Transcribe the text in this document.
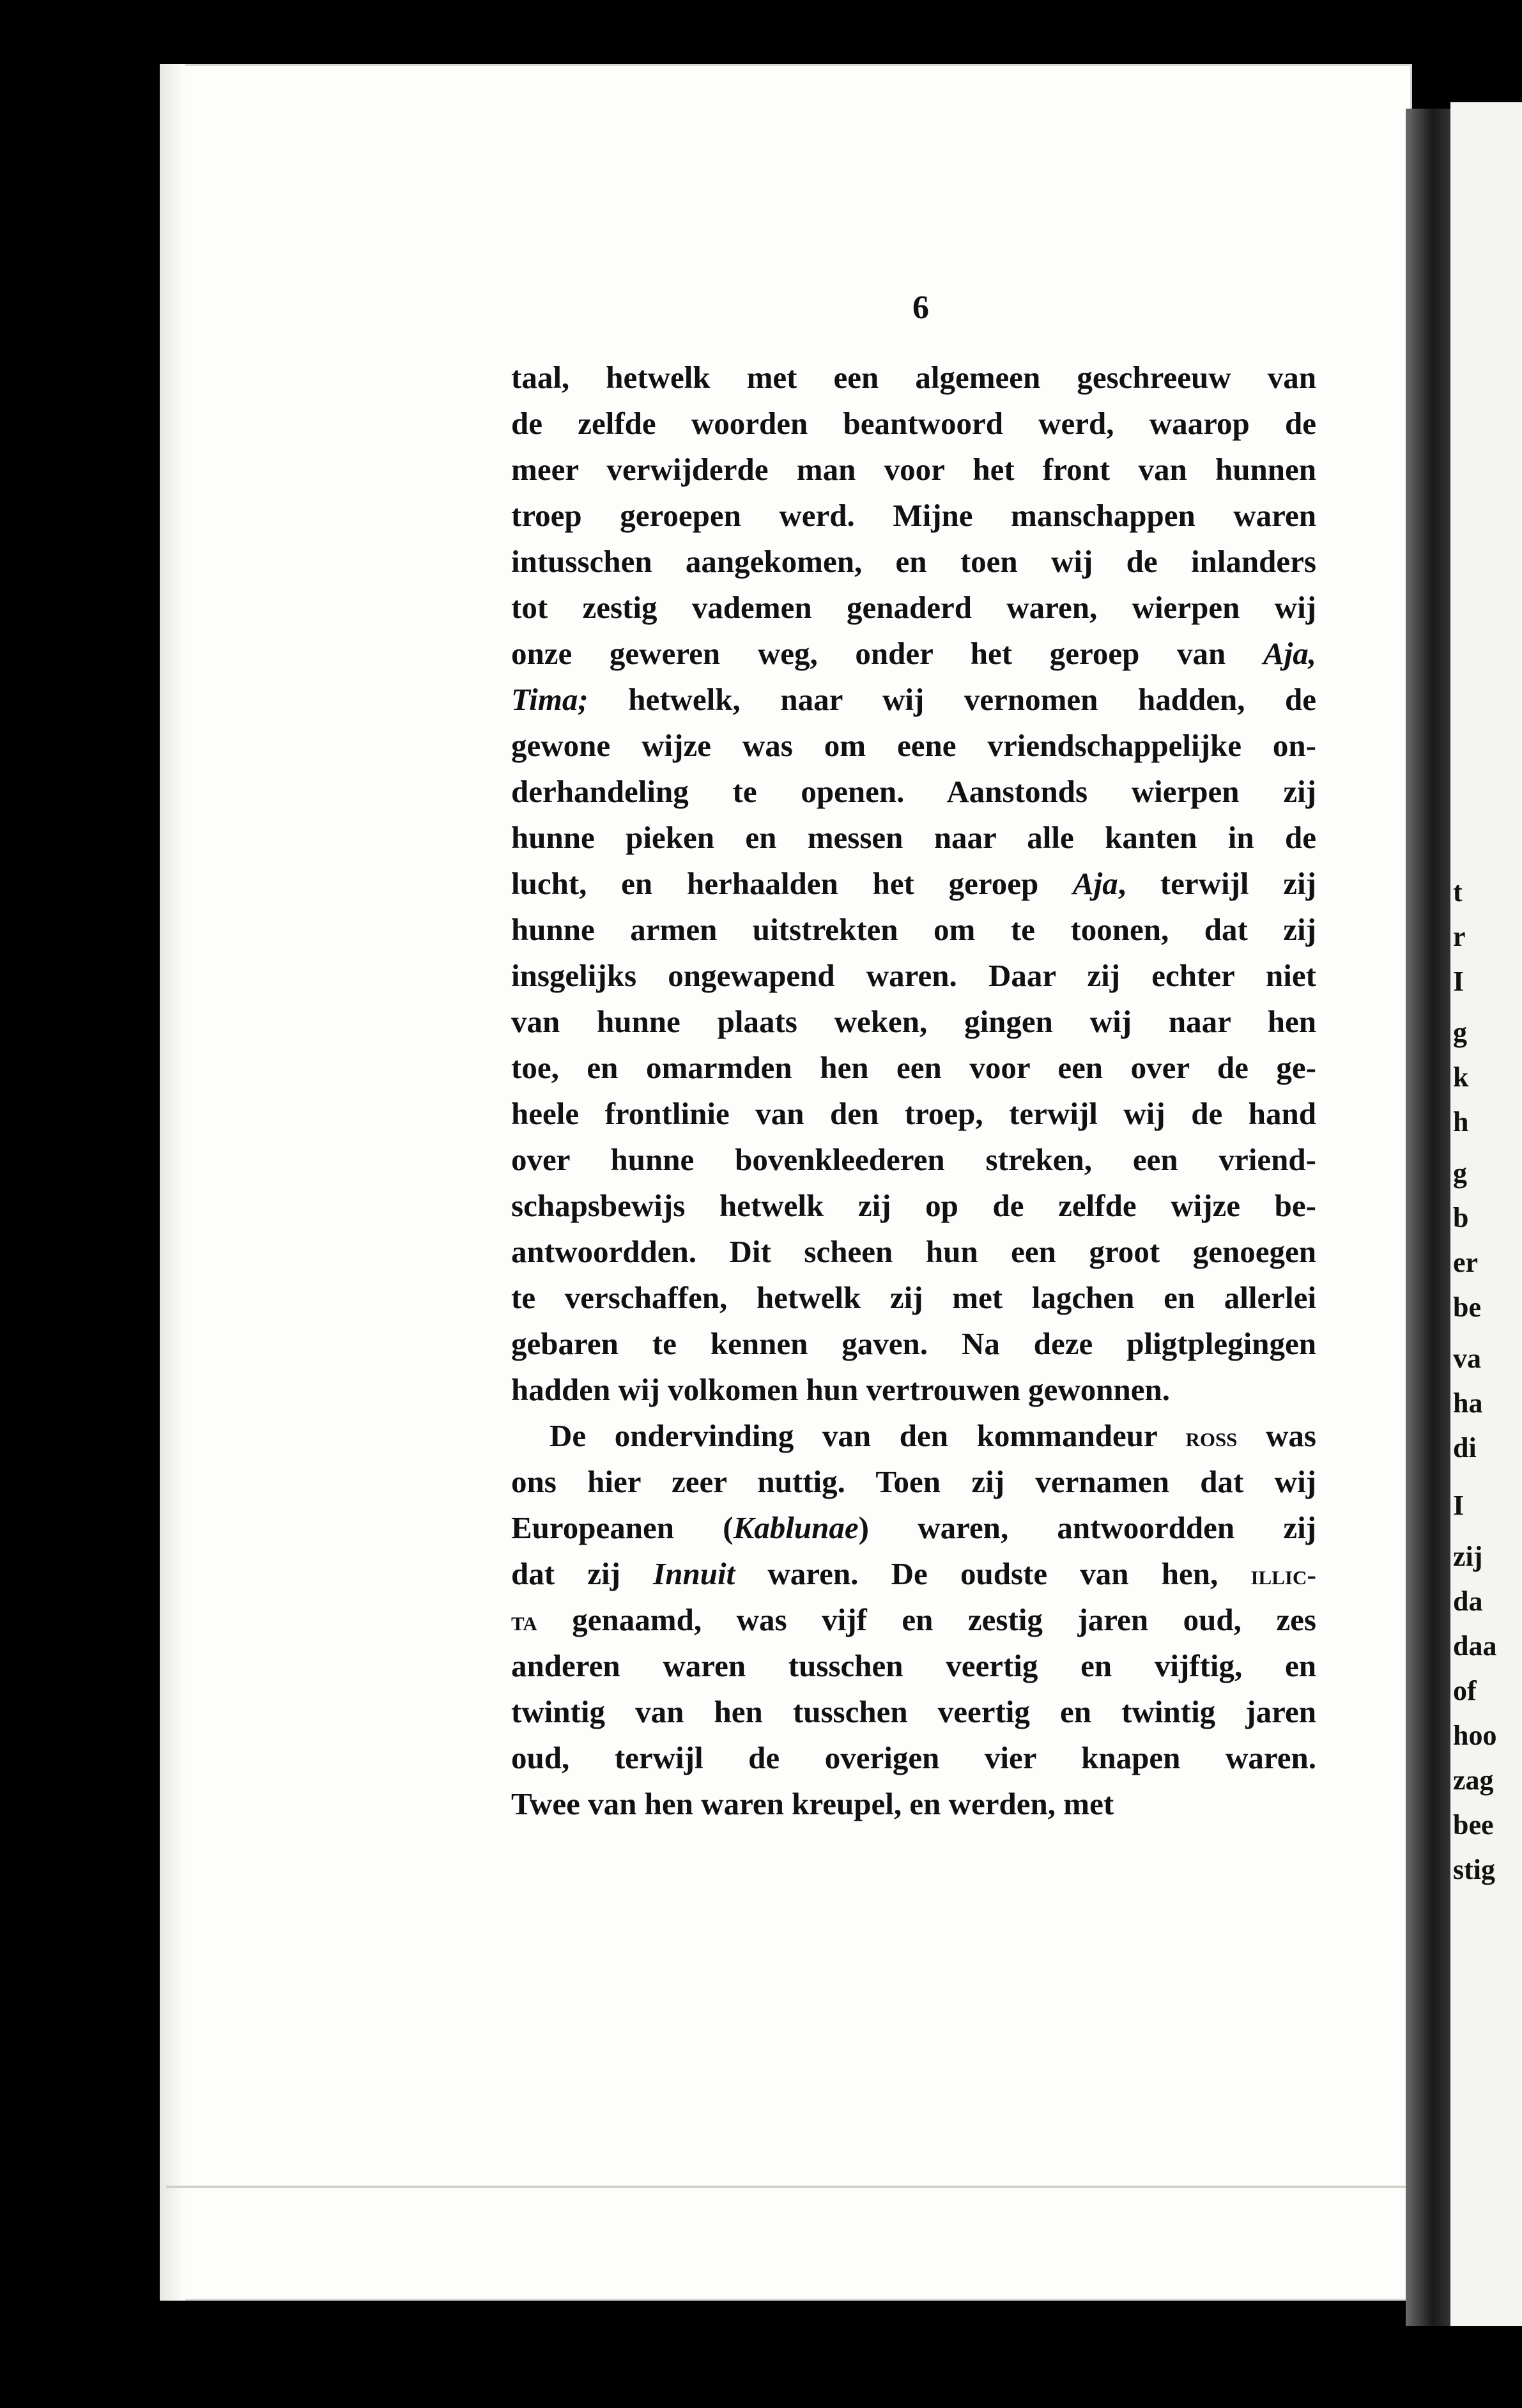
t
r
I
g
k
h
g
b
er
be
va
ha
di
I
zij
da
daa
of
hoo
zag
bee
stig
6
taal, hetwelk met een algemeen geschreeuw van
de zelfde woorden beantwoord werd, waarop de
meer verwijderde man voor het front van hunnen
troep geroepen werd. Mijne manschappen waren
intusschen aangekomen, en toen wij de inlanders
tot zestig vademen genaderd waren, wierpen wij
onze geweren weg, onder het geroep van Aja,
Tima; hetwelk, naar wij vernomen hadden, de
gewone wijze was om eene vriendschappelijke on-
derhandeling te openen. Aanstonds wierpen zij
hunne pieken en messen naar alle kanten in de
lucht, en herhaalden het geroep Aja, terwijl zij
hunne armen uitstrekten om te toonen, dat zij
insgelijks ongewapend waren. Daar zij echter niet
van hunne plaats weken, gingen wij naar hen
toe, en omarmden hen een voor een over de ge-
heele frontlinie van den troep, terwijl wij de hand
over hunne bovenkleederen streken, een vriend-
schapsbewijs hetwelk zij op de zelfde wijze be-
antwoordden. Dit scheen hun een groot genoegen
te verschaffen, hetwelk zij met lagchen en allerlei
gebaren te kennen gaven. Na deze pligtplegingen
hadden wij volkomen hun vertrouwen gewonnen.
De ondervinding van den kommandeur ross was
ons hier zeer nuttig. Toen zij vernamen dat wij
Europeanen (Kablunae) waren, antwoordden zij
dat zij Innuit waren. De oudste van hen, illic-
ta genaamd, was vijf en zestig jaren oud, zes
anderen waren tusschen veertig en vijftig, en
twintig van hen tusschen veertig en twintig jaren
oud, terwijl de overigen vier knapen waren.
Twee van hen waren kreupel, en werden, met
